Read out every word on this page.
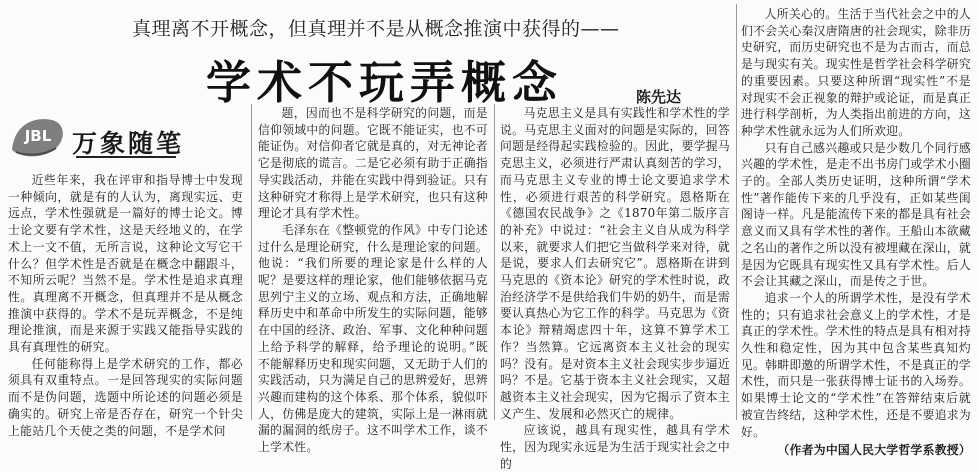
真理离不开概念，但真理并不是从概念推演中获得的——
学术不玩弄概念	陈先达
JBL 万象随笔

近些年来，我在评审和指导博士中发现一种倾向，就是有的人认为，离现实远、吏远点，学术性强就是一篇好的博士论文。博士论文要有学术性，这是天经地义的，在学术上一文不值，无所言说，这种论文写它干什么？但学术性是否就是在概念中翻跟斗，不知所云呢？当然不是。学术性是追求真理性。真理离不开概念，但真理并不是从概念推演中获得的。学术不是玩弄概念，不是纯理论推演，而是来源于实践又能指导实践的具有真理性的研究。

任何能称得上是学术研究的工作，都必须具有双重特点。一是回答现实的实际问题而不是伪问题，选题中所论述的问题必须是确实的。研究上帝是否存在，研究一个针尖上能站几个天使之类的问题，不是学术问

题，因而也不是科学研究的问题，而是信仰领域中的问题。它既不能证实，也不可能证伪。对信仰者它就是真的，对无神论者它是彻底的谎言。二是它必须有助于正确指导实践活动，并能在实践中得到验证。只有这种研究才称得上是学术研究，也只有这种理论才具有学术性。

毛泽东在《整顿党的作风》中专门论述过什么是理论研究，什么是理论家的问题。他说：“我们所要的理论家是什么样的人呢？是要这样的理论家，他们能够依据马克思列宁主义的立场、观点和方法，正确地解释历史中和革命中所发生的实际问题，能够在中国的经济、政治、军事、文化种种问题上给予科学的解释，给予理论的说明。”既不能解释历史和现实问题，又无助于人们的实践活动，只为满足自己的思辨爱好，思辨兴趣而建构的这个体系、那个体系，貌似吓人，仿佛是庞大的建筑，实际上是一淋雨就漏的漏洞的纸房子。这不叫学术工作，谈不上学术性。

马克思主义是具有实践性和学术性的学说。马克思主义面对的问题是实际的，回答问题是经得起实践检验的。因此，要学握马克思主义，必须进行严肃认真刻苦的学习，而马克思主义专业的博士论文要追求学术性，必须进行艰苦的科学研究。恩格斯在《德国农民战争》之《1870年第二版序言的补充》中说过：“社会主义自从成为科学以来，就要求人们把它当做科学来对待，就是说，要求人们去研究它”。恩格斯在讲到马克思的《资本论》研究的学术性时说，政治经济学不是供给我们牛奶的奶牛，而是需要认真热心为它工作的科学。马克思为《资本论》辩精竭虑四十年，这算不算学术工作？当然算。它远离资本主义社会的现实吗？没有。是对资本主义社会现实步步逼近吗？不是。它基于资本主义社会现实，又超越资本主义社会现实，因为它揭示了资本主义产生、发展和必然灭亡的规律。

应该说，越具有现实性，越具有学术性，因为现实永远是为生活于现实社会之中的

人所关心的。生活于当代社会之中的人们不会关心秦汉唐隋唐的社会现实，除非历史研究，而历史研究也不是为古而古，而总是与现实有关。现实性是哲学社会科学研究的重要因素。只要这种所谓“现实性”不是对现实不会正视象的辩护或论证，而是真正进行科学剖析，为人类指出前进的方向，这种学术性就永远为人们所欢迎。

只有自己感兴趣或只是少数几个同行感兴趣的学术性，是走不出书房门或学术小圈子的。全部人类历史证明，这种所谓“学术性”著作能传下来的几乎没有，正如某些闺阁诗一样。凡是能流传下来的都是具有社会意义而又具有学术性的著作。王船山本欲藏之名山的著作之所以没有被埋藏在深山，就是因为它既具有现实性又具有学术性。后人不会让其藏之深山，而是传之于世。

追求一个人的所谓学术性，是没有学术性的；只有追求社会意义上的学术性，才是真正的学术性。学术性的特点是具有相对持久性和稳定性，因为其中包含某些真知灼见。韩畊即邀的所谓学术性，不是真正的学术性，而只是一张获得博士证书的入场券。如果博士论文的“学术性”在答辩结束后就被宣告终结，这种学术性，还是不要追求为好。

（作者为中国人民大学哲学系教授）
